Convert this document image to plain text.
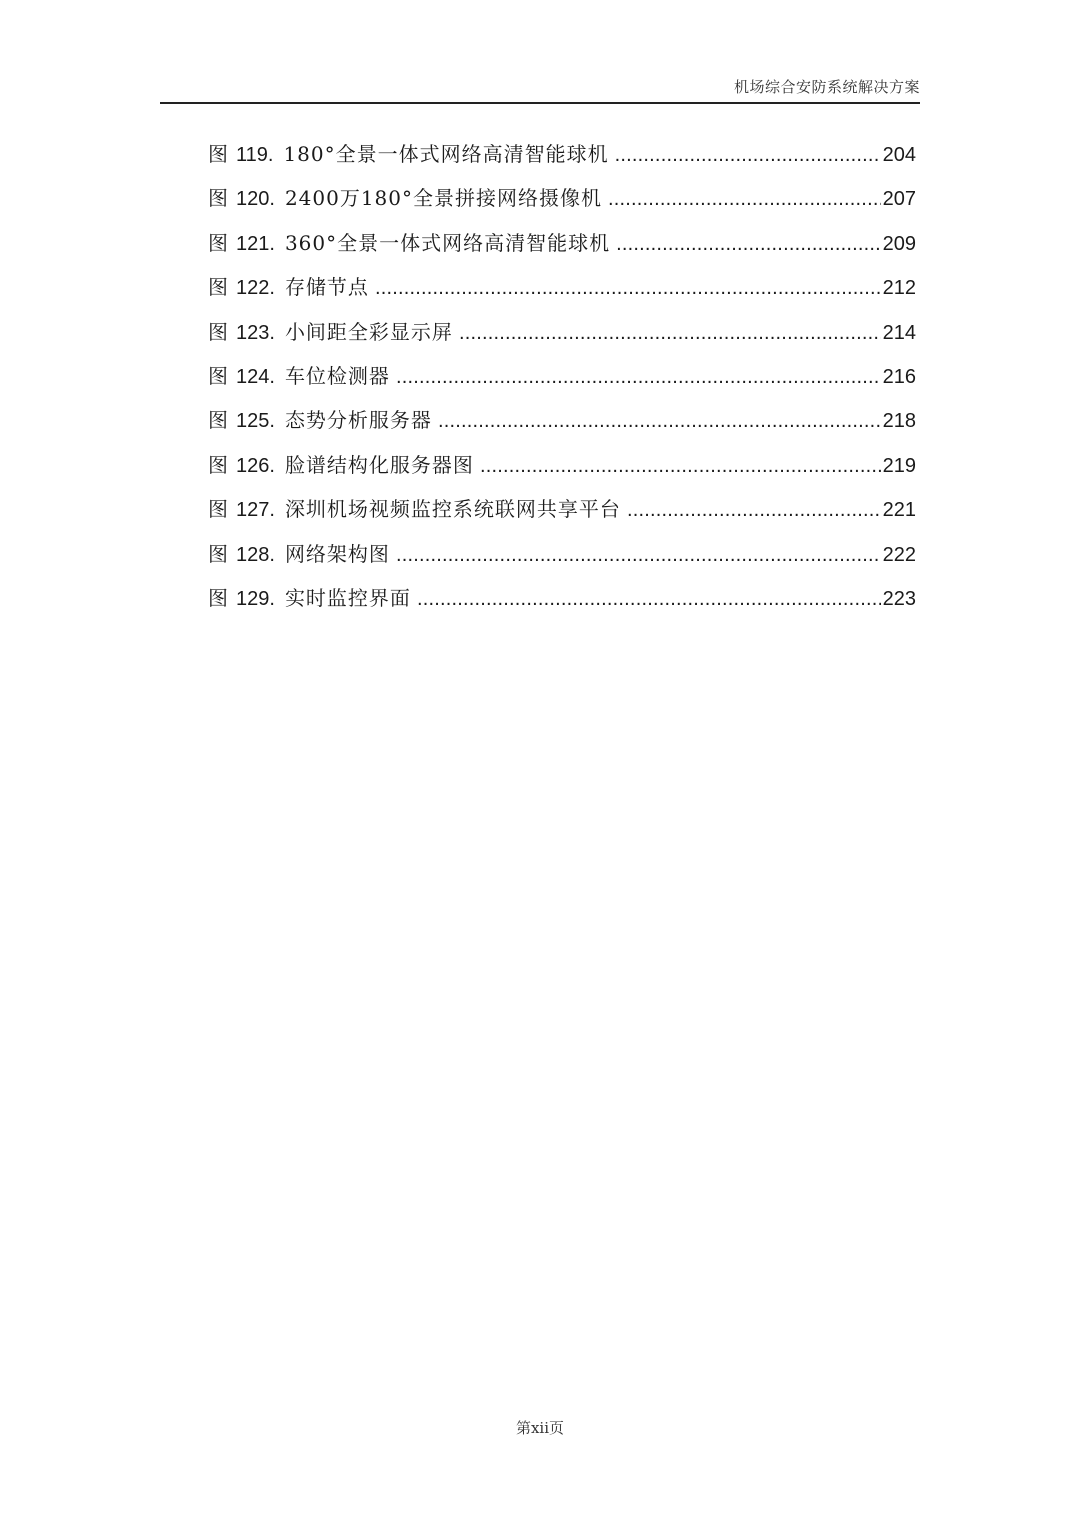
机场综合安防系统解决方案
图 119. 180°全景一体式网络高清智能球机 .....	204
图 120. 2400万180°全景拼接网络摄像机 .....	207
图 121. 360°全景一体式网络高清智能球机 .....	209
图 122. 存储节点 .....	212
图 123. 小间距全彩显示屏 .....	214
图 124. 车位检测器 .....	216
图 125. 态势分析服务器 .....	218
图 126. 脸谱结构化服务器图 .....	219
图 127. 深圳机场视频监控系统联网共享平台 .....	221
图 128. 网络架构图 .....	222
图 129. 实时监控界面 .....	223
第xii页
